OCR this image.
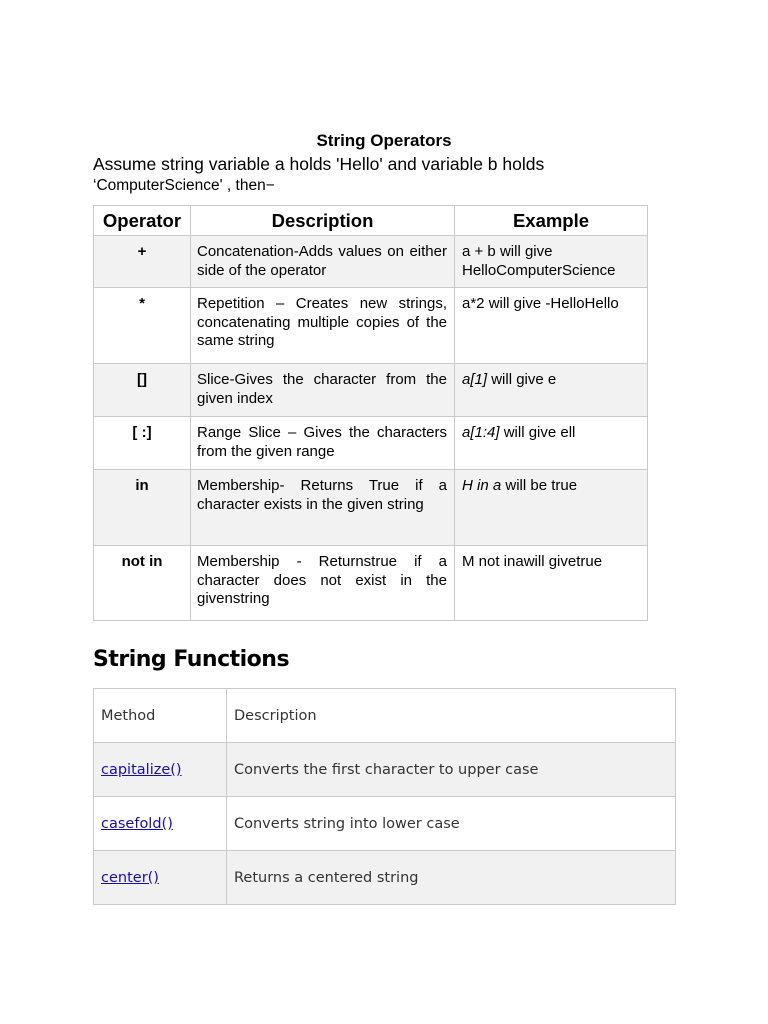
String Operators
Assume string variable a holds 'Hello' and variable b holds
‘ComputerScience' , then−
Operator	Description	Example
+	Concatenation-Adds values on either side of the operator	a + b will give HelloComputerScience
*	Repetition – Creates new strings, concatenating multiple copies of the same string	a*2 will give -HelloHello
[]	Slice-Gives the character from the given index	a[1] will give e
[ :]	Range Slice – Gives the characters from the given range	a[1:4] will give ell
in	Membership- Returns True if a character exists in the given string	H in a will be true
not in	Membership - Returnstrue if a character does not exist in the givenstring	M not inawill givetrue
String Functions
Method	Description
capitalize()	Converts the first character to upper case
casefold()	Converts string into lower case
center()	Returns a centered string
